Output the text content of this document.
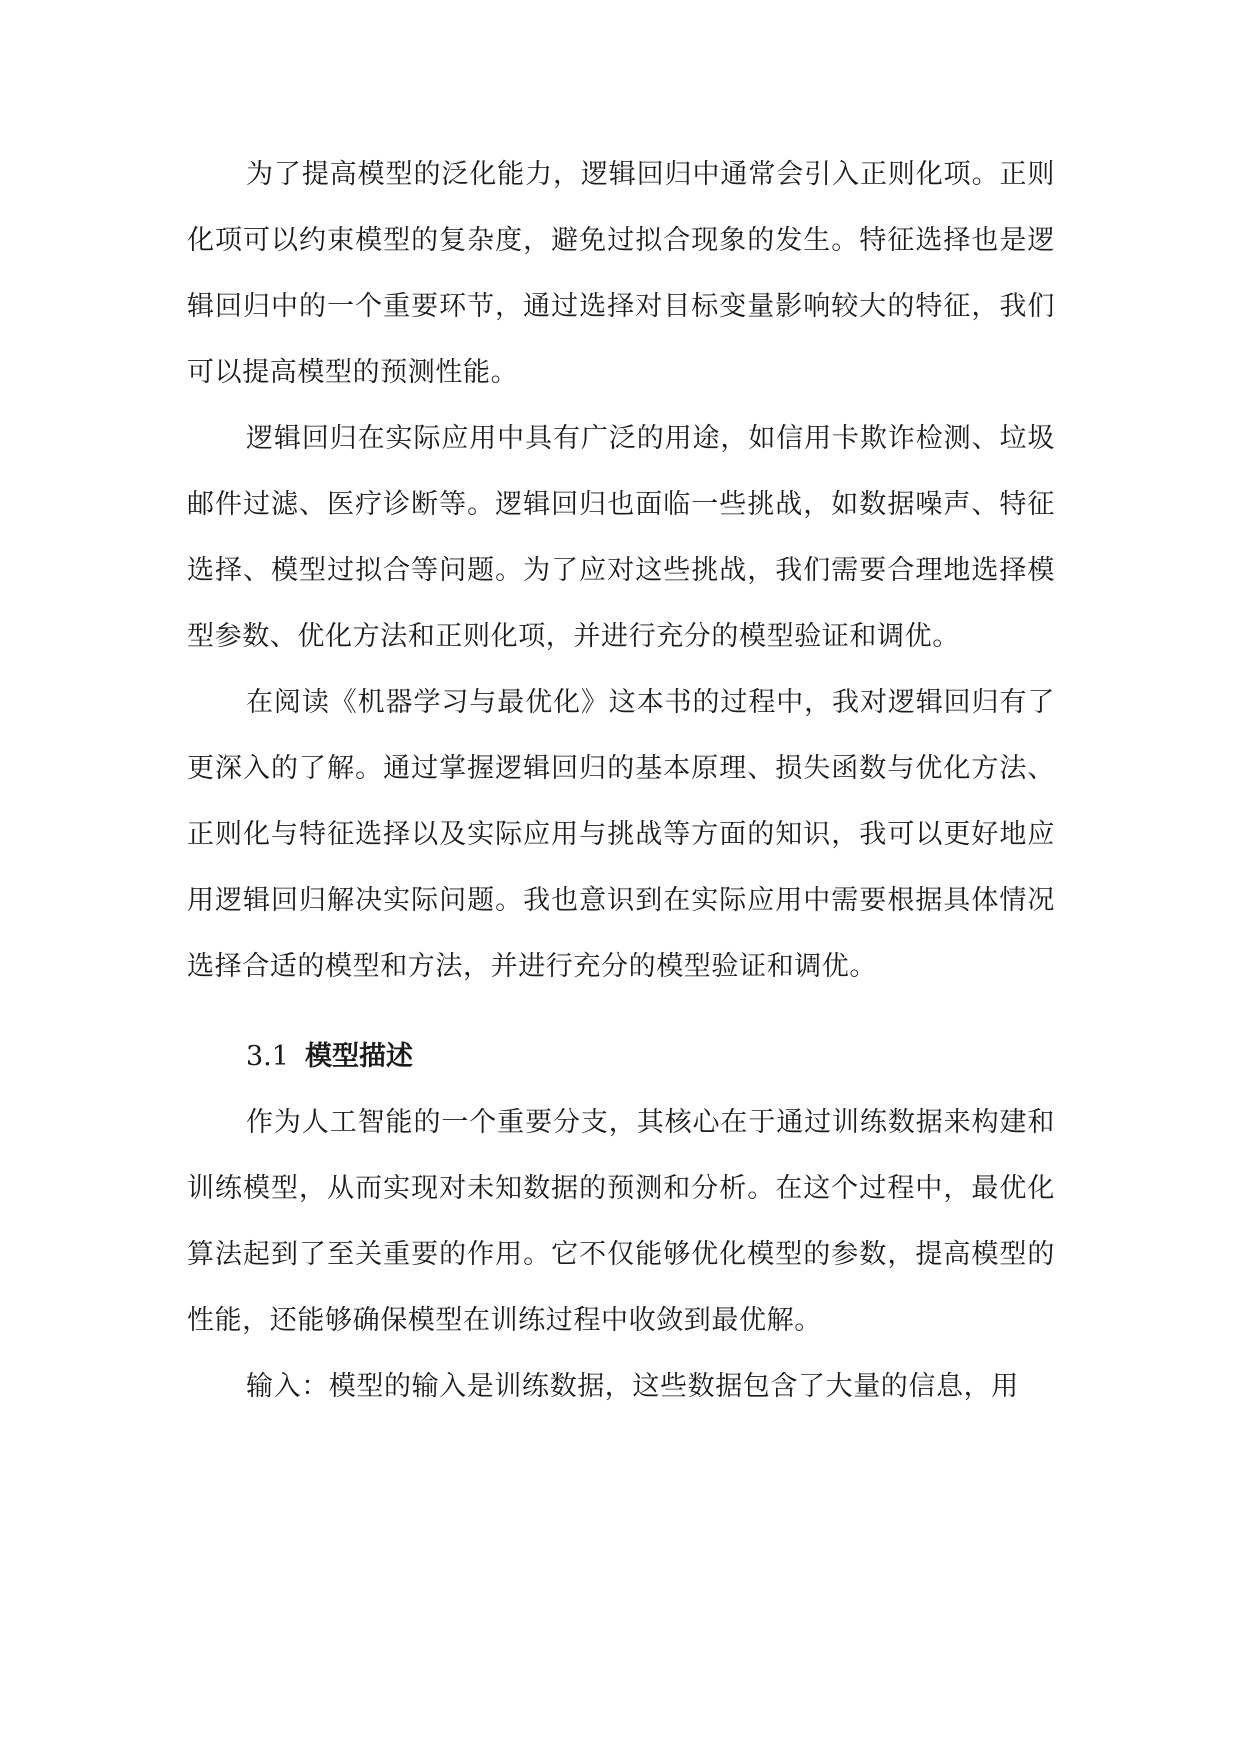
为了提高模型的泛化能力，逻辑回归中通常会引入正则化项。正则化项可以约束模型的复杂度，避免过拟合现象的发生。特征选择也是逻辑回归中的一个重要环节，通过选择对目标变量影响较大的特征，我们可以提高模型的预测性能。

逻辑回归在实际应用中具有广泛的用途，如信用卡欺诈检测、垃圾邮件过滤、医疗诊断等。逻辑回归也面临一些挑战，如数据噪声、特征选择、模型过拟合等问题。为了应对这些挑战，我们需要合理地选择模型参数、优化方法和正则化项，并进行充分的模型验证和调优。

在阅读《机器学习与最优化》这本书的过程中，我对逻辑回归有了更深入的了解。通过掌握逻辑回归的基本原理、损失函数与优化方法、正则化与特征选择以及实际应用与挑战等方面的知识，我可以更好地应用逻辑回归解决实际问题。我也意识到在实际应用中需要根据具体情况选择合适的模型和方法，并进行充分的模型验证和调优。

3.1 模型描述

作为人工智能的一个重要分支，其核心在于通过训练数据来构建和训练模型，从而实现对未知数据的预测和分析。在这个过程中，最优化算法起到了至关重要的作用。它不仅能够优化模型的参数，提高模型的性能，还能够确保模型在训练过程中收敛到最优解。

输入：模型的输入是训练数据，这些数据包含了大量的信息，用
